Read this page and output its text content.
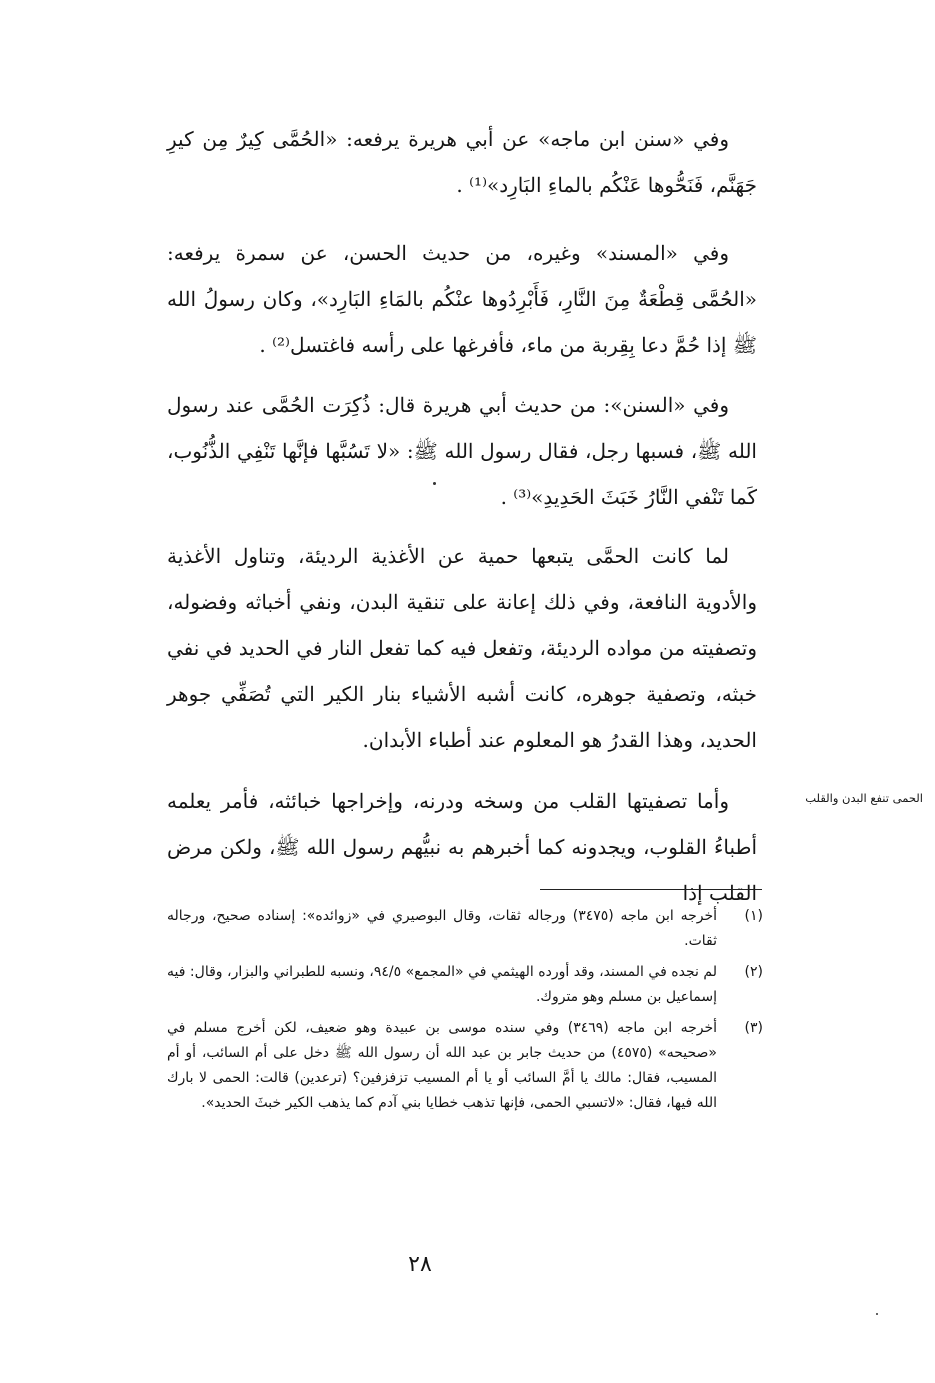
وفي «سنن ابن ماجه» عن أبي هريرة يرفعه: «الحُمَّى كِيرٌ مِن كيرِ جَهَنَّم، فَنَحُّوها عَنْكُم بالماءِ البَارِد»⁽¹⁾ .

وفي «المسند» وغيره، من حديث الحسن، عن سمرة يرفعه: «الحُمَّى قِطْعَةٌ مِنَ النَّارِ، فَأَبْرِدُوها عنْكُم بالمَاءِ البَارِد»، وكان رسولُ الله ﷺ إذا حُمَّ دعا بِقِربة من ماء، فأفرغها على رأسه فاغتسل⁽²⁾ .

وفي «السنن»: من حديث أبي هريرة قال: ذُكِرَت الحُمَّى عند رسول الله ﷺ، فسبها رجل، فقال رسول الله ﷺ: «لا تَسُبَّها فإنَّها تَنْفِي الذُّنُوب، كَما تَنْفي النَّارُ خَبَثَ الحَدِيدِ»⁽³⁾ .

لما كانت الحمَّى يتبعها حمية عن الأغذية الرديئة، وتناول الأغذية والأدوية النافعة، وفي ذلك إعانة على تنقية البدن، ونفي أخباثه وفضوله، وتصفيته من مواده الرديئة، وتفعل فيه كما تفعل النار في الحديد في نفي خبثه، وتصفية جوهره، كانت أشبه الأشياء بنار الكير التي تُصَفِّي جوهر الحديد، وهذا القدرُ هو المعلوم عند أطباء الأبدان.

وأما تصفيتها القلب من وسخه ودرنه، وإخراجها خبائثه، فأمر يعلمه أطباءُ القلوب، ويجدونه كما أخبرهم به نبيُّهم رسول الله ﷺ، ولكن مرض القلب إذا

الحمى تنفع البدن والقلب

(١)
أخرجه ابن ماجه (٣٤٧٥) ورجاله ثقات، وقال البوصيري في «زوائده»: إسناده صحيح، ورجاله ثقات.
(٢)
لم نجده في المسند، وقد أورده الهيثمي في «المجمع» ٩٤/٥، ونسبه للطبراني والبزار، وقال: فيه إسماعيل بن مسلم وهو متروك.
(٣)
أخرجه ابن ماجه (٣٤٦٩) وفي سنده موسى بن عبيدة وهو ضعيف، لكن أخرج مسلم في «صحيحه» (٤٥٧٥) من حديث جابر بن عبد الله أن رسول الله ﷺ دخل على أم السائب، أو أم المسيب، فقال: مالك يا أمَّ السائب أو يا أم المسيب تزفزفين؟ (ترعدين) قالت: الحمى لا بارك الله فيها، فقال: «لاتسبي الحمى، فإنها تذهب خطايا بني آدم كما يذهب الكير خبثَ الحديد».
٢٨
